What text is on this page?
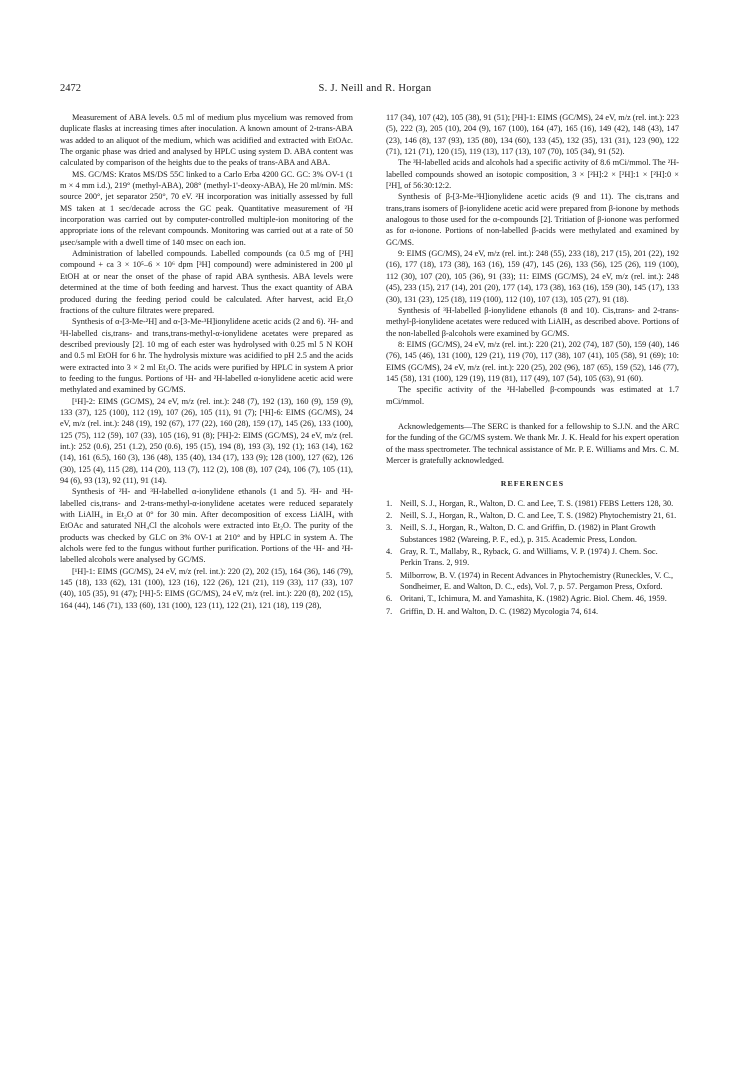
2472	S. J. Neill and R. Horgan

Measurement of ABA levels. 0.5 ml of medium plus mycelium was removed from duplicate flasks at increasing times after inoculation. A known amount of 2-trans-ABA was added to an aliquot of the medium, which was acidified and extracted with EtOAc. The organic phase was dried and analysed by HPLC using system D. ABA content was calculated by comparison of the heights due to the peaks of trans-ABA and ABA.

MS. GC/MS: Kratos MS/DS 55C linked to a Carlo Erba 4200 GC. GC: 3% OV-1 (1 m × 4 mm i.d.), 219° (methyl-ABA), 208° (methyl-1'-deoxy-ABA), He 20 ml/min. MS: source 200°, jet separator 250°, 70 eV. ²H incorporation was initially assessed by full MS taken at 1 sec/decade across the GC peak. Quantitative measurement of ²H incorporation was carried out by computer-controlled multiple-ion monitoring of the appropriate ions of the relevant compounds. Monitoring was carried out at a rate of 50 μsec/sample with a dwell time of 140 msec on each ion.

Administration of labelled compounds. Labelled compounds (ca 0.5 mg of [²H] compound + ca 3 × 10⁵–6 × 10⁶ dpm [³H] compound) were administered in 200 μl EtOH at or near the onset of the phase of rapid ABA synthesis. ABA levels were determined at the time of both feeding and harvest. Thus the exact quantity of ABA produced during the feeding period could be calculated. After harvest, acid Et₂O fractions of the culture filtrates were prepared.

Synthesis of α-[3-Me-²H] and α-[3-Me-³H]ionylidene acetic acids (2 and 6). ²H- and ³H-labelled cis,trans- and trans,trans-methyl-α-ionylidene acetates were prepared as described previously [2]. 10 mg of each ester was hydrolysed with 0.25 ml 5 N KOH and 0.5 ml EtOH for 6 hr. The hydrolysis mixture was acidified to pH 2.5 and the acids were extracted into 3 × 2 ml Et₂O. The acids were purified by HPLC in system A prior to feeding to the fungus. Portions of ¹H- and ²H-labelled α-ionylidene acetic acid were methylated and examined by GC/MS.

[¹H]-2: EIMS (GC/MS), 24 eV, m/z (rel. int.): 248 (7), 192 (13), 160 (9), 159 (9), 133 (37), 125 (100), 112 (19), 107 (26), 105 (11), 91 (7); [¹H]-6: EIMS (GC/MS), 24 eV, m/z (rel. int.): 248 (19), 192 (67), 177 (22), 160 (28), 159 (17), 145 (26), 133 (100), 125 (75), 112 (59), 107 (33), 105 (16), 91 (8); [²H]-2: EIMS (GC/MS), 24 eV, m/z (rel. int.): 252 (0.6), 251 (1.2), 250 (0.6), 195 (15), 194 (8), 193 (3), 192 (1); 163 (14), 162 (14), 161 (6.5), 160 (3), 136 (48), 135 (40), 134 (17), 133 (9); 128 (100), 127 (62), 126 (30), 125 (4), 115 (28), 114 (20), 113 (7), 112 (2), 108 (8), 107 (24), 106 (7), 105 (11), 94 (6), 93 (13), 92 (11), 91 (14).

Synthesis of ²H- and ³H-labelled α-ionylidene ethanols (1 and 5). ²H- and ³H-labelled cis,trans- and 2-trans-methyl-α-ionylidene acetates were reduced separately with LiAlH₄ in Et₂O at 0° for 30 min. After decomposition of excess LiAlH₄ with EtOAc and saturated NH₄Cl the alcohols were extracted into Et₂O. The purity of the products was checked by GLC on 3% OV-1 at 210° and by HPLC in system A. The alchols were fed to the fungus without further purification. Portions of the ¹H- and ²H-labelled alcohols were analysed by GC/MS.

[¹H]-1: EIMS (GC/MS), 24 eV, m/z (rel. int.): 220 (2), 202 (15), 164 (36), 146 (79), 145 (18), 133 (62), 131 (100), 123 (16), 122 (26), 121 (21), 119 (33), 117 (33), 107 (40), 105 (35), 91 (47); [¹H]-5: EIMS (GC/MS), 24 eV, m/z (rel. int.): 220 (8), 202 (15), 164 (44), 146 (71), 133 (60), 131 (100), 123 (11), 122 (21), 121 (18), 119 (28),

117 (34), 107 (42), 105 (38), 91 (51); [²H]-1: EIMS (GC/MS), 24 eV, m/z (rel. int.): 223 (5), 222 (3), 205 (10), 204 (9), 167 (100), 164 (47), 165 (16), 149 (42), 148 (43), 147 (23), 146 (8), 137 (93), 135 (80), 134 (60), 133 (45), 132 (35), 131 (31), 123 (90), 122 (71), 121 (71), 120 (15), 119 (13), 117 (13), 107 (70), 105 (34), 91 (52).

The ³H-labelled acids and alcohols had a specific activity of 8.6 mCi/mmol. The ²H-labelled compounds showed an isotopic composition, 3 × [²H]:2 × [²H]:1 × [²H]:0 × [²H], of 56:30:12:2.

Synthesis of β-[3-Me-³H]ionylidene acetic acids (9 and 11). The cis,trans and trans,trans isomers of β-ionylidene acetic acid were prepared from β-ionone by methods analogous to those used for the α-compounds [2]. Tritiation of β-ionone was performed as for α-ionone. Portions of non-labelled β-acids were methylated and examined by GC/MS.

9: EIMS (GC/MS), 24 eV, m/z (rel. int.): 248 (55), 233 (18), 217 (15), 201 (22), 192 (16), 177 (18), 173 (38), 163 (16), 159 (47), 145 (26), 133 (56), 125 (26), 119 (100), 112 (30), 107 (20), 105 (36), 91 (33); 11: EIMS (GC/MS), 24 eV, m/z (rel. int.): 248 (45), 233 (15), 217 (14), 201 (20), 177 (14), 173 (38), 163 (16), 159 (30), 145 (17), 133 (30), 131 (23), 125 (18), 119 (100), 112 (10), 107 (13), 105 (27), 91 (18).

Synthesis of ³H-labelled β-ionylidene ethanols (8 and 10). Cis,trans- and 2-trans-methyl-β-ionylidene acetates were reduced with LiAlH₄ as described above. Portions of the non-labelled β-alcohols were examined by GC/MS.

8: EIMS (GC/MS), 24 eV, m/z (rel. int.): 220 (21), 202 (74), 187 (50), 159 (40), 146 (76), 145 (46), 131 (100), 129 (21), 119 (70), 117 (38), 107 (41), 105 (58), 91 (69); 10: EIMS (GC/MS), 24 eV, m/z (rel. int.): 220 (25), 202 (96), 187 (65), 159 (52), 146 (77), 145 (58), 131 (100), 129 (19), 119 (81), 117 (49), 107 (54), 105 (63), 91 (60).

The specific activity of the ³H-labelled β-compounds was estimated at 1.7 mCi/mmol.

Acknowledgements—The SERC is thanked for a fellowship to S.J.N. and the ARC for the funding of the GC/MS system. We thank Mr. J. K. Heald for his expert operation of the mass spectrometer. The technical assistance of Mr. P. E. Williams and Mrs. C. M. Mercer is gratefully acknowledged.

REFERENCES
1. Neill, S. J., Horgan, R., Walton, D. C. and Lee, T. S. (1981) FEBS Letters 128, 30.
2. Neill, S. J., Horgan, R., Walton, D. C. and Lee, T. S. (1982) Phytochemistry 21, 61.
3. Neill, S. J., Horgan, R., Walton, D. C. and Griffin, D. (1982) in Plant Growth Substances 1982 (Wareing, P. F., ed.), p. 315. Academic Press, London.
4. Gray, R. T., Mallaby, R., Ryback, G. and Williams, V. P. (1974) J. Chem. Soc. Perkin Trans. 2, 919.
5. Milborrow, B. V. (1974) in Recent Advances in Phytochemistry (Runeckles, V. C., Sondheimer, E. and Walton, D. C., eds), Vol. 7, p. 57. Pergamon Press, Oxford.
6. Oritani, T., Ichimura, M. and Yamashita, K. (1982) Agric. Biol. Chem. 46, 1959.
7. Griffin, D. H. and Walton, D. C. (1982) Mycologia 74, 614.
